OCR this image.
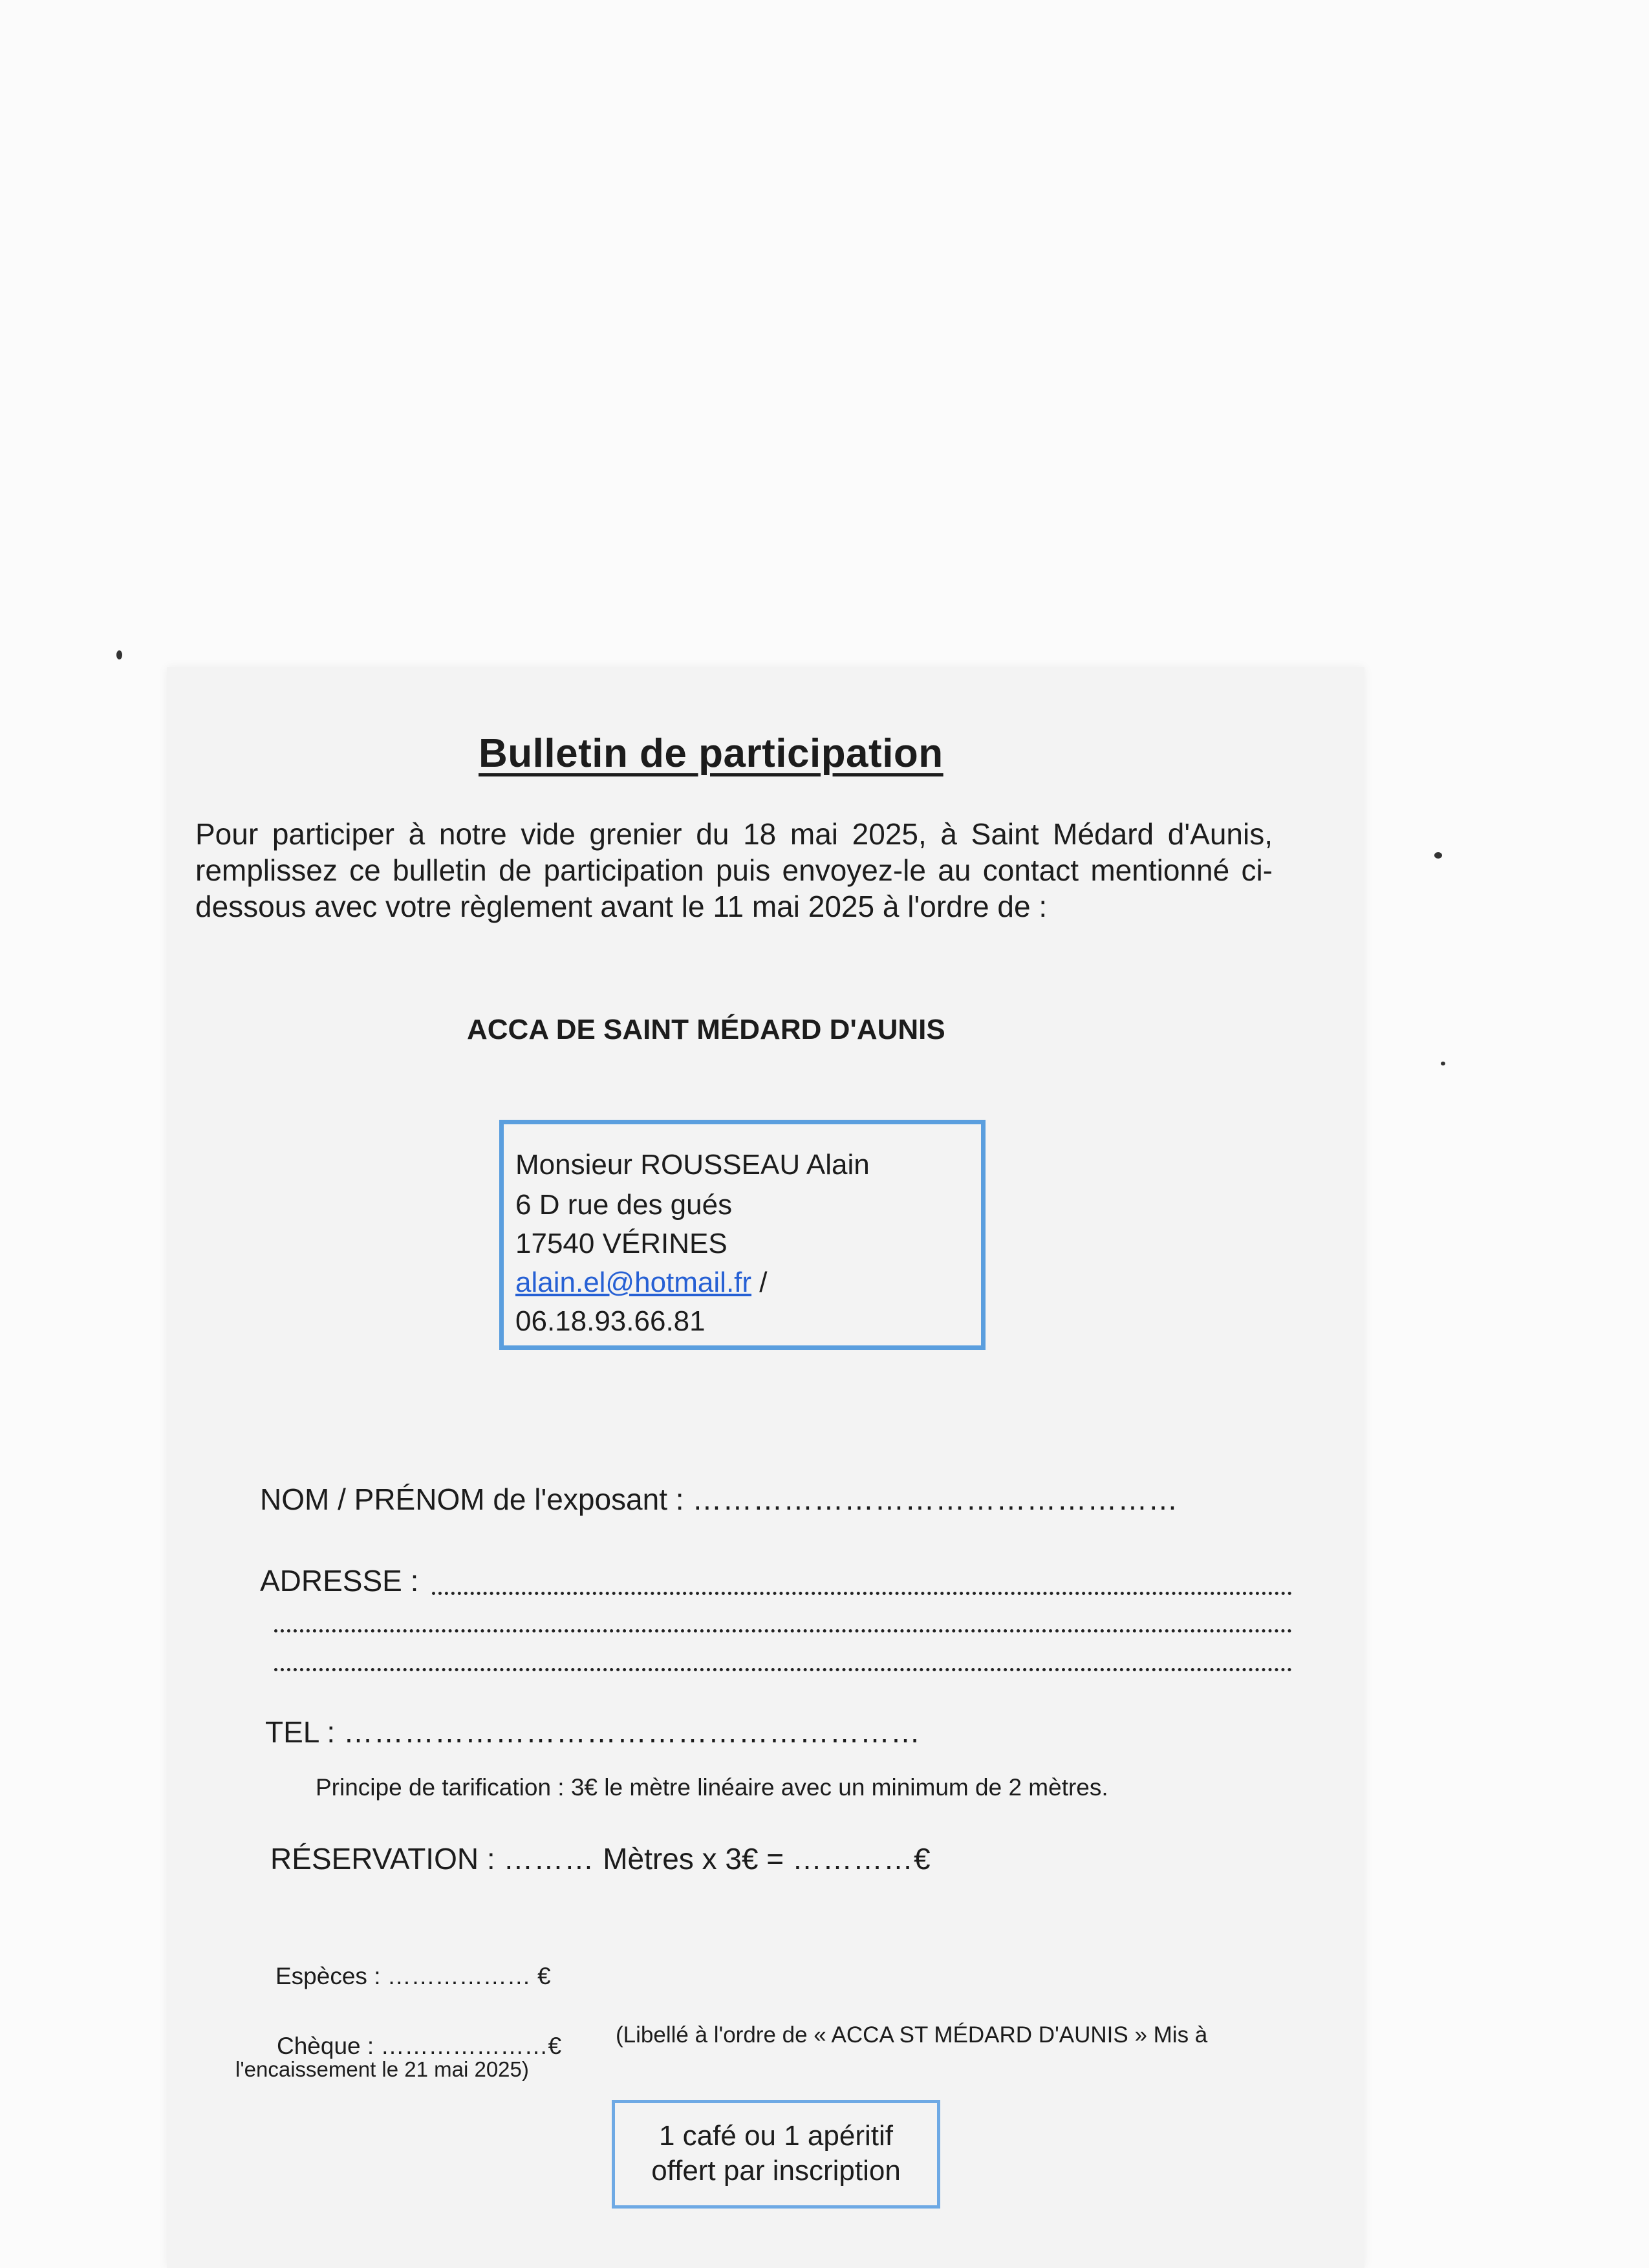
Bulletin de participation
Pour participer à notre vide grenier du 18 mai 2025, à Saint Médard d'Aunis, remplissez ce bulletin de participation puis envoyez-le au contact mentionné ci-dessous avec votre règlement avant le 11 mai 2025 à l'ordre de :
ACCA DE SAINT MÉDARD D'AUNIS
Monsieur ROUSSEAU Alain
6 D rue des gués
17540 VÉRINES
alain.el@hotmail.fr /
06.18.93.66.81
NOM / PRÉNOM de l'exposant : …………………………………………
ADRESSE :
TEL : …………………………………………………
Principe de tarification : 3€ le mètre linéaire avec un minimum de 2 mètres.
RÉSERVATION : ……… Mètres x 3€ = …………€
Espèces : ……………… €
Chèque : …………………€ (Libellé à l'ordre de « ACCA ST MÉDARD D'AUNIS » Mis à
l'encaissement le 21 mai 2025)
1 café ou 1 apéritif
offert par inscription
